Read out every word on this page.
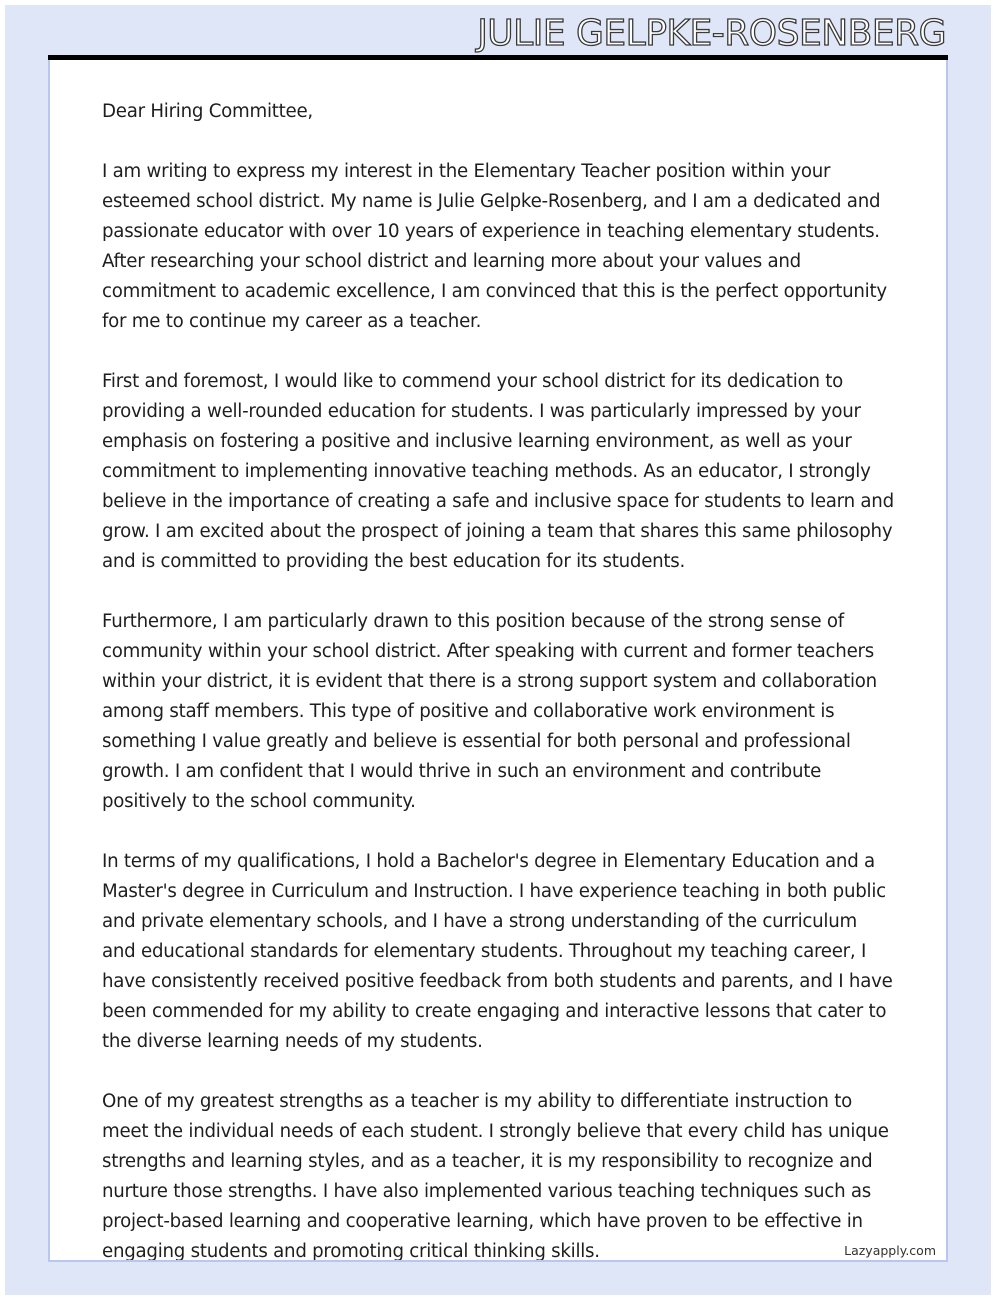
JULIE GELPKE-ROSENBERG

Dear Hiring Committee,

I am writing to express my interest in the Elementary Teacher position within your esteemed school district. My name is Julie Gelpke-Rosenberg, and I am a dedicated and passionate educator with over 10 years of experience in teaching elementary students. After researching your school district and learning more about your values and commitment to academic excellence, I am convinced that this is the perfect opportunity for me to continue my career as a teacher.

First and foremost, I would like to commend your school district for its dedication to providing a well-rounded education for students. I was particularly impressed by your emphasis on fostering a positive and inclusive learning environment, as well as your commitment to implementing innovative teaching methods. As an educator, I strongly believe in the importance of creating a safe and inclusive space for students to learn and grow. I am excited about the prospect of joining a team that shares this same philosophy and is committed to providing the best education for its students.

Furthermore, I am particularly drawn to this position because of the strong sense of community within your school district. After speaking with current and former teachers within your district, it is evident that there is a strong support system and collaboration among staff members. This type of positive and collaborative work environment is something I value greatly and believe is essential for both personal and professional growth. I am confident that I would thrive in such an environment and contribute positively to the school community.

In terms of my qualifications, I hold a Bachelor's degree in Elementary Education and a Master's degree in Curriculum and Instruction. I have experience teaching in both public and private elementary schools, and I have a strong understanding of the curriculum and educational standards for elementary students. Throughout my teaching career, I have consistently received positive feedback from both students and parents, and I have been commended for my ability to create engaging and interactive lessons that cater to the diverse learning needs of my students.

One of my greatest strengths as a teacher is my ability to differentiate instruction to meet the individual needs of each student. I strongly believe that every child has unique strengths and learning styles, and as a teacher, it is my responsibility to recognize and nurture those strengths. I have also implemented various teaching techniques such as project-based learning and cooperative learning, which have proven to be effective in engaging students and promoting critical thinking skills.	Lazyapply.com
